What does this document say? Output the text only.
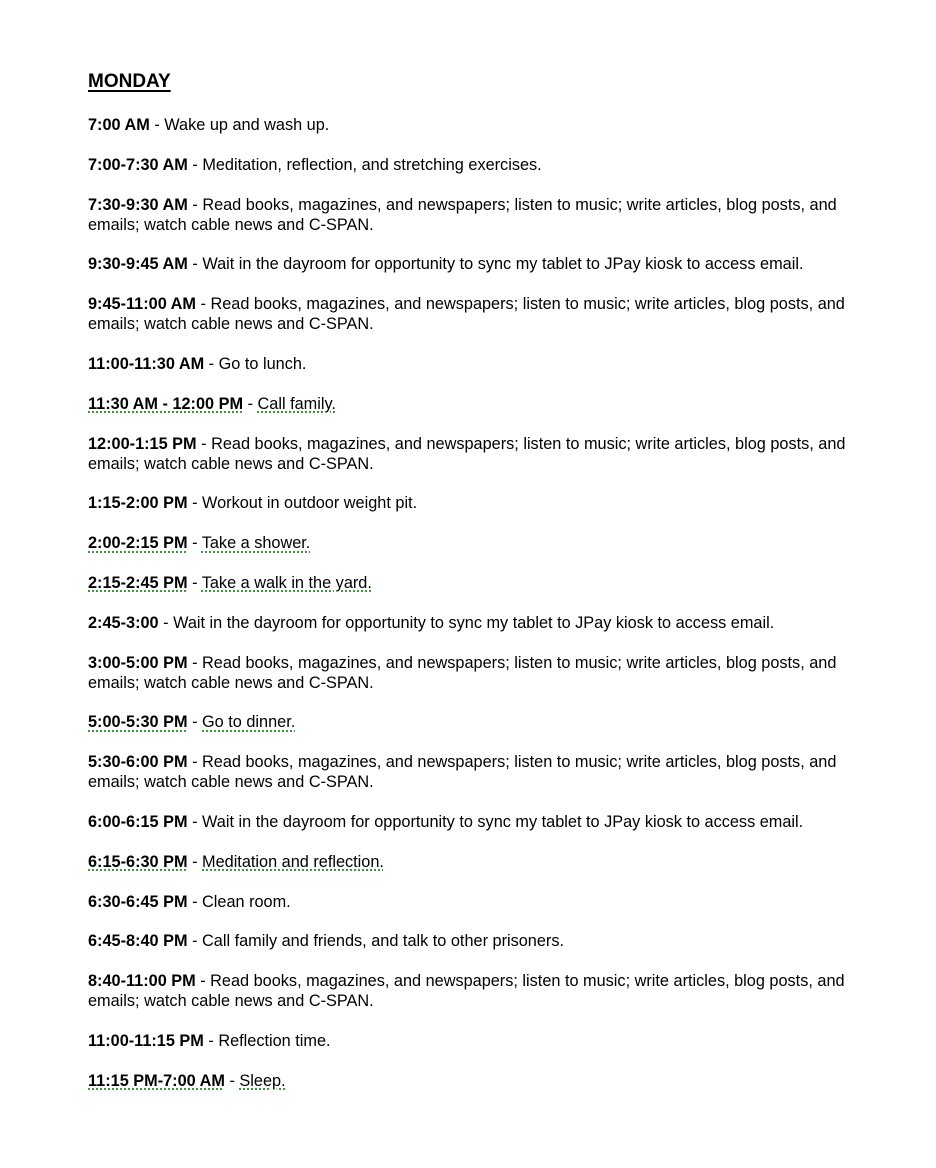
MONDAY
7:00 AM - Wake up and wash up.
7:00-7:30 AM - Meditation, reflection, and stretching exercises.
7:30-9:30 AM - Read books, magazines, and newspapers; listen to music; write articles, blog posts, and emails; watch cable news and C-SPAN.
9:30-9:45 AM - Wait in the dayroom for opportunity to sync my tablet to JPay kiosk to access email.
9:45-11:00 AM - Read books, magazines, and newspapers; listen to music; write articles, blog posts, and emails; watch cable news and C-SPAN.
11:00-11:30 AM - Go to lunch.
11:30 AM - 12:00 PM - Call family.
12:00-1:15 PM - Read books, magazines, and newspapers; listen to music; write articles, blog posts, and emails; watch cable news and C-SPAN.
1:15-2:00 PM - Workout in outdoor weight pit.
2:00-2:15 PM - Take a shower.
2:15-2:45 PM - Take a walk in the yard.
2:45-3:00 - Wait in the dayroom for opportunity to sync my tablet to JPay kiosk to access email.
3:00-5:00 PM - Read books, magazines, and newspapers; listen to music; write articles, blog posts, and emails; watch cable news and C-SPAN.
5:00-5:30 PM - Go to dinner.
5:30-6:00 PM - Read books, magazines, and newspapers; listen to music; write articles, blog posts, and emails; watch cable news and C-SPAN.
6:00-6:15 PM - Wait in the dayroom for opportunity to sync my tablet to JPay kiosk to access email.
6:15-6:30 PM - Meditation and reflection.
6:30-6:45 PM - Clean room.
6:45-8:40 PM - Call family and friends, and talk to other prisoners.
8:40-11:00 PM - Read books, magazines, and newspapers; listen to music; write articles, blog posts, and emails; watch cable news and C-SPAN.
11:00-11:15 PM - Reflection time.
11:15 PM-7:00 AM - Sleep.
